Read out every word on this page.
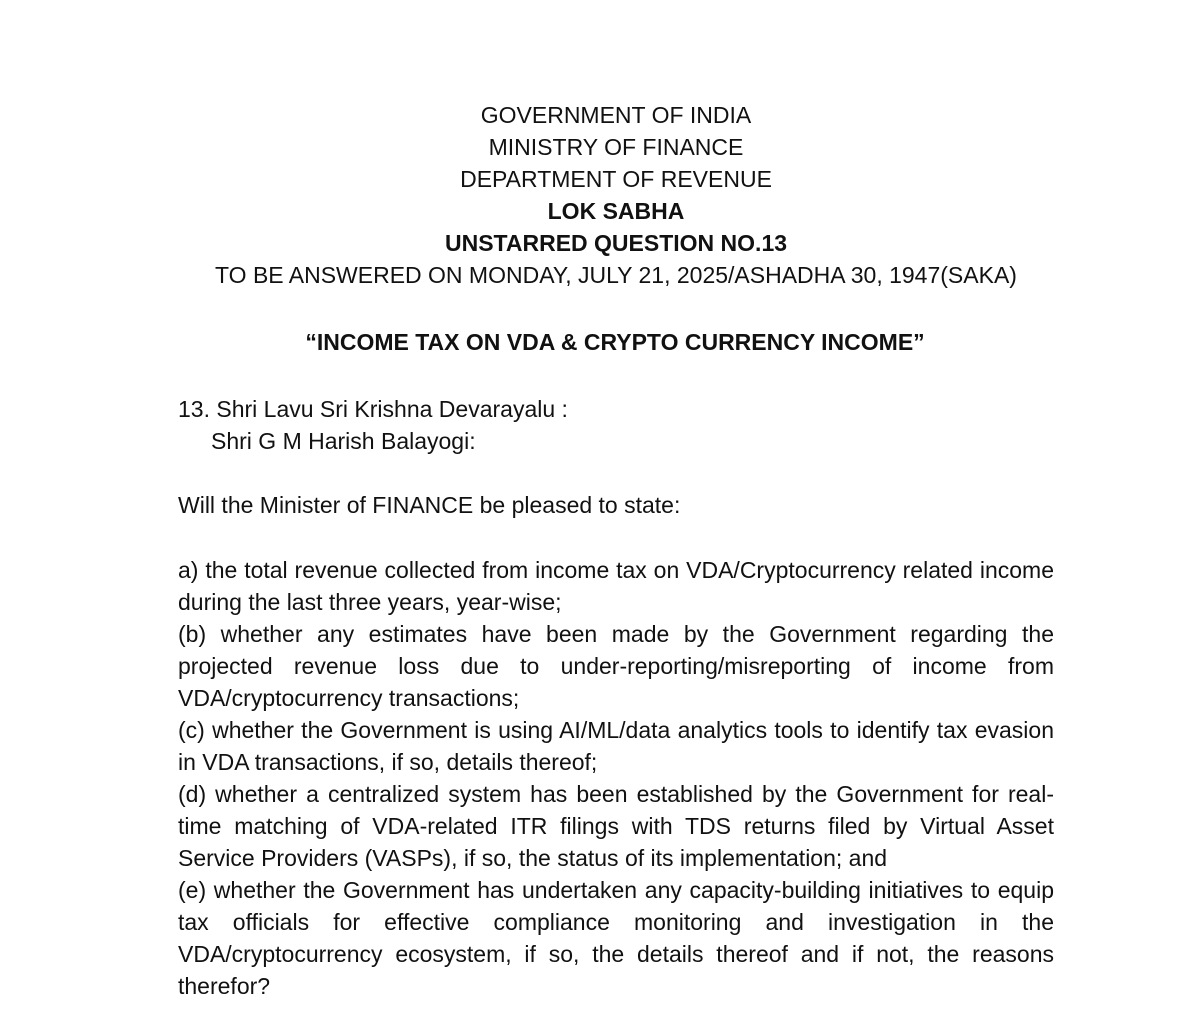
GOVERNMENT OF INDIA
MINISTRY OF FINANCE
DEPARTMENT OF REVENUE
LOK SABHA
UNSTARRED QUESTION NO.13
TO BE ANSWERED ON MONDAY, JULY 21, 2025/ASHADHA 30, 1947(SAKA)
“INCOME TAX ON VDA & CRYPTO CURRENCY INCOME”
13. Shri Lavu Sri Krishna Devarayalu :
Shri G M Harish Balayogi:
Will the Minister of FINANCE be pleased to state:

a) the total revenue collected from income tax on VDA/Cryptocurrency related income during the last three years, year-wise;

(b) whether any estimates have been made by the Government regarding the projected revenue loss due to under-reporting/misreporting of income from VDA/cryptocurrency transactions;

(c) whether the Government is using AI/ML/data analytics tools to identify tax evasion in VDA transactions, if so, details thereof;

(d) whether a centralized system has been established by the Government for real-time matching of VDA-related ITR filings with TDS returns filed by Virtual Asset Service Providers (VASPs), if so, the status of its implementation; and

(e) whether the Government has undertaken any capacity-building initiatives to equip tax officials for effective compliance monitoring and investigation in the VDA/cryptocurrency ecosystem, if so, the details thereof and if not, the reasons therefor?
